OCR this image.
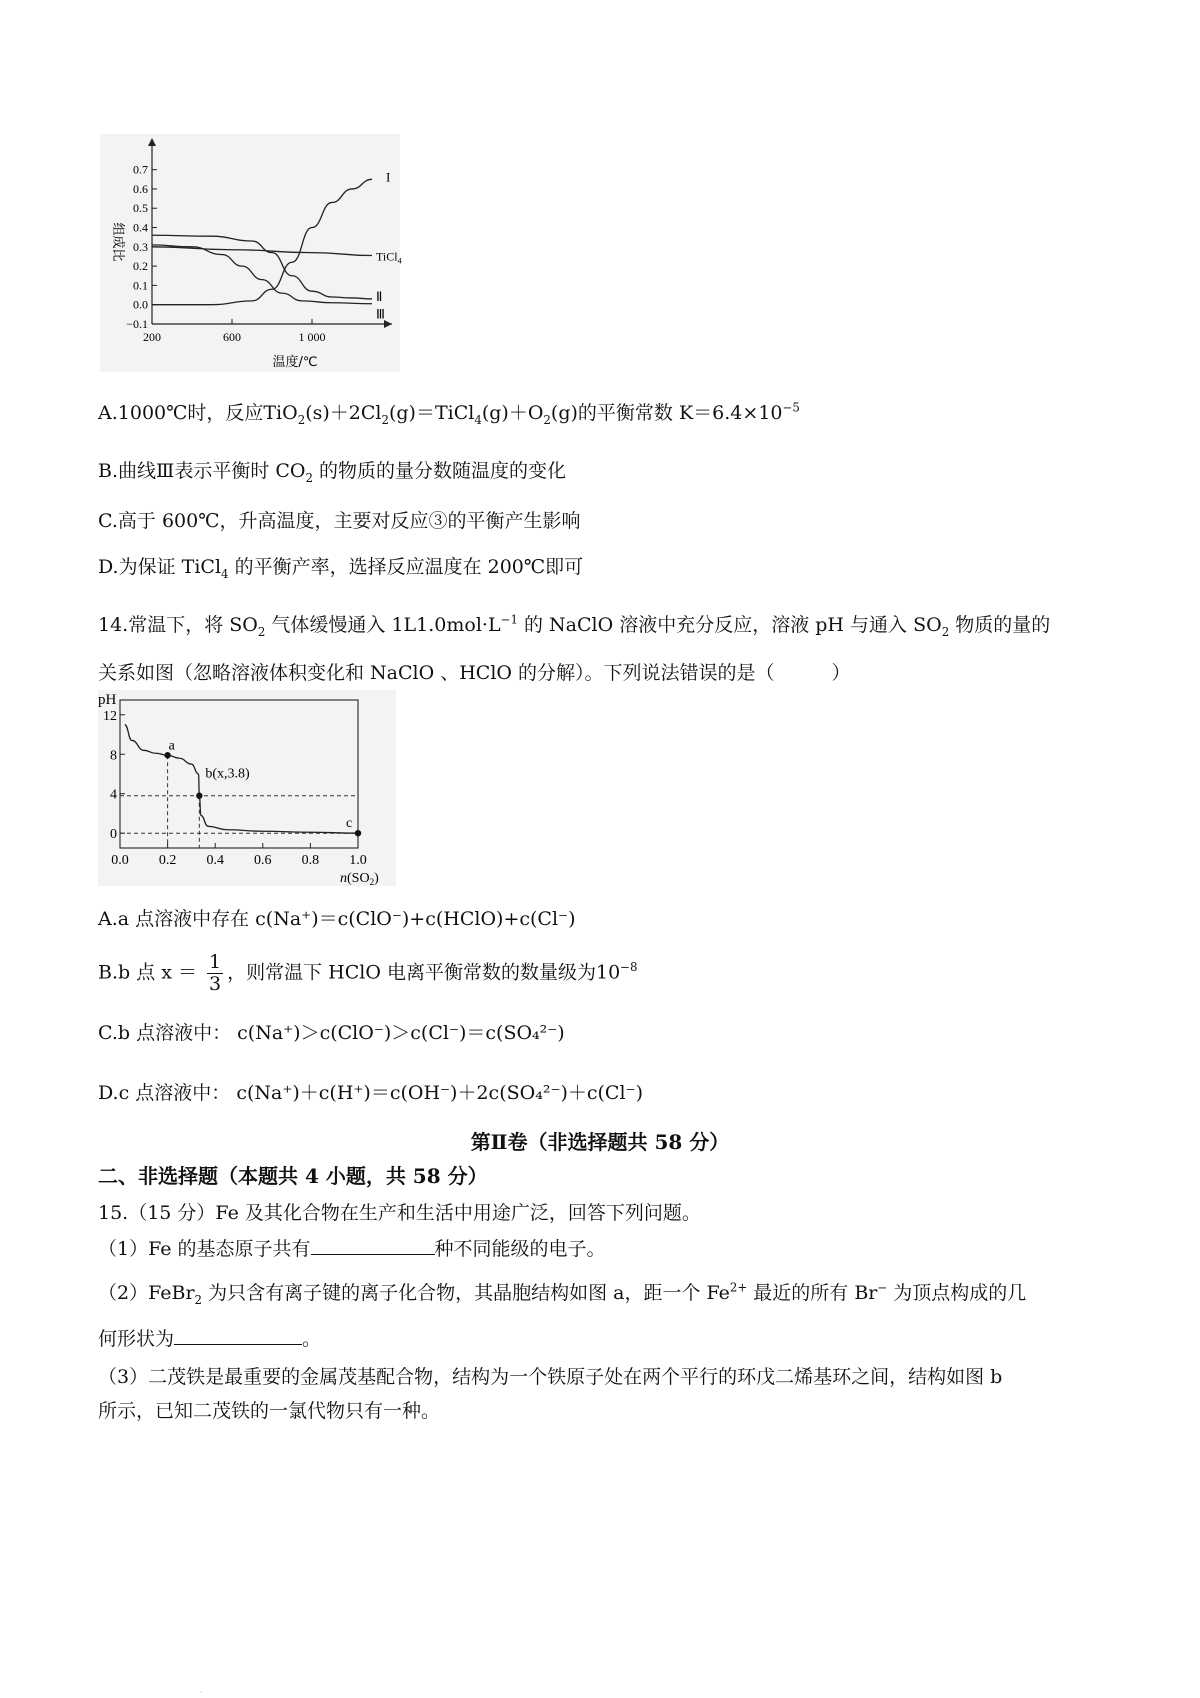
−0.1
0.0
0.1
0.2
0.3
0.4
0.5
0.6
0.7
200	600	1 000
温度/℃
组成比
I
TiCl$_4$
Ⅱ
Ⅲ
A.1000℃时，反应$TiO_2(s)+2Cl_2(g)=TiCl_4(g)+O_2(g)$的平衡常数 $K=6.4\times 10^{-5}$
B.曲线Ⅲ表示平衡时 $CO_2$ 的物质的量分数随温度的变化
C.高于 600℃，升高温度，主要对反应③的平衡产生影响
D.为保证 TiCl$_4$ 的平衡产率，选择反应温度在 200℃即可
14.常温下，将 $SO_2$ 气体缓慢通入 $1L1.0mol\cdot L^{-1}$ 的 NaClO 溶液中充分反应，溶液 pH 与通入 $SO_2$ 物质的量的
关系如图（忽略溶液体积变化和 NaClO 、HClO 的分解）。下列说法错误的是（　　　）
0
4
8
12
pH
0.0 0.2 0.4 0.6 0.8 1.0
$n(SO_2)$
a
b(x,3.8)
c
A.a 点溶液中存在 c(Na⁺)＝c(ClO⁻)+c(HClO)+c(Cl⁻)
B.b 点 $x = \frac{1}{3}$ ，则常温下 HClO 电离平衡常数的数量级为$10^{-8}$
C.b 点溶液中： c(Na⁺)＞c(ClO⁻)＞c(Cl⁻)＝c(SO₄²⁻)
D.c 点溶液中： c(Na⁺)＋c(H⁺)＝c(OH⁻)＋2c(SO₄²⁻)＋c(Cl⁻)
第Ⅱ卷（非选择题共 58 分）
二、非选择题（本题共 4 小题，共 58 分）
15.（15 分）Fe 及其化合物在生产和生活中用途广泛，回答下列问题。
（1）Fe 的基态原子共有	种不同能级的电子。
（2）FeBr$_2$ 为只含有离子键的离子化合物，其晶胞结构如图 a，距一个 $Fe^{2+}$ 最近的所有 Br− 为顶点构成的几
何形状为	。
（3）二茂铁是最重要的金属茂基配合物，结构为一个铁原子处在两个平行的环戊二烯基环之间，结构如图 b
所示，已知二茂铁的一氯代物只有一种。
·
